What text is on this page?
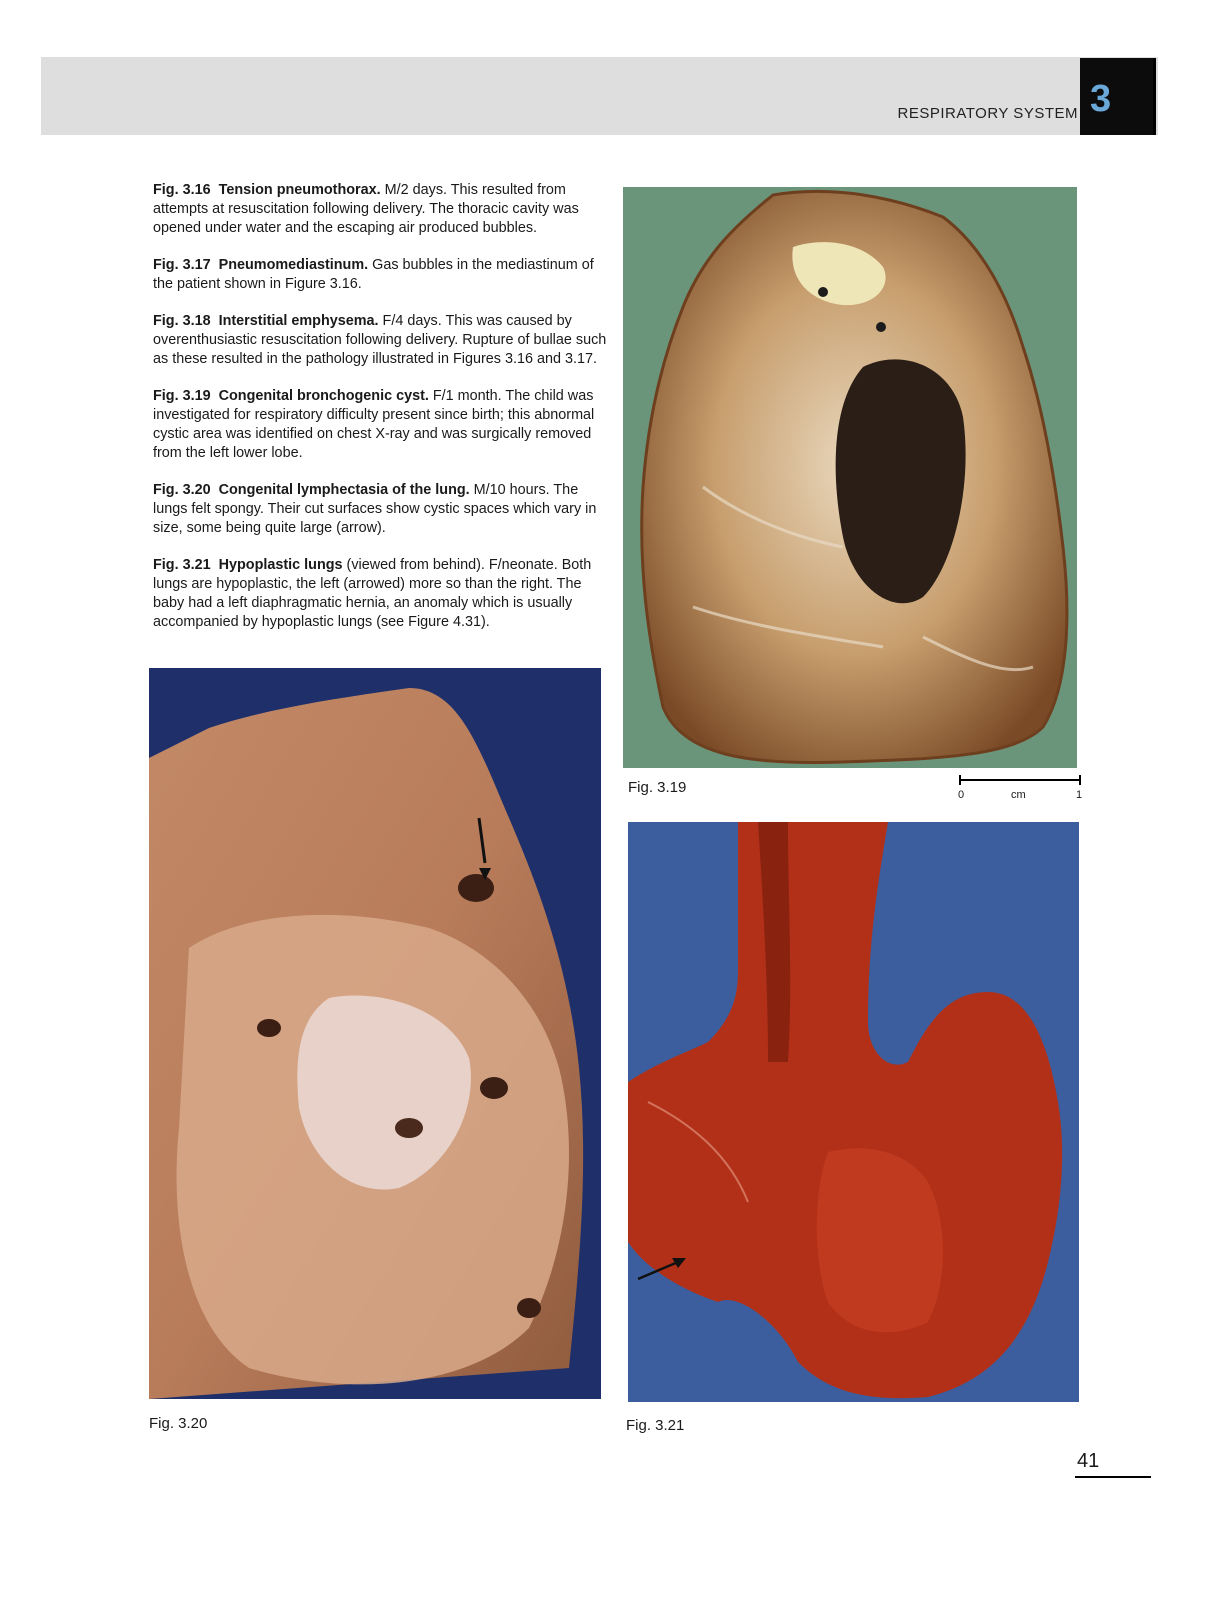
RESPIRATORY SYSTEM 3

Fig. 3.16 Tension pneumothorax. M/2 days. This resulted from attempts at resuscitation following delivery. The thoracic cavity was opened under water and the escaping air produced bubbles.

Fig. 3.17 Pneumomediastinum. Gas bubbles in the mediastinum of the patient shown in Figure 3.16.

Fig. 3.18 Interstitial emphysema. F/4 days. This was caused by overenthusiastic resuscitation following delivery. Rupture of bullae such as these resulted in the pathology illustrated in Figures 3.16 and 3.17.

Fig. 3.19 Congenital bronchogenic cyst. F/1 month. The child was investigated for respiratory difficulty present since birth; this abnormal cystic area was identified on chest X-ray and was surgically removed from the left lower lobe.

Fig. 3.20 Congenital lymphectasia of the lung. M/10 hours. The lungs felt spongy. Their cut surfaces show cystic spaces which vary in size, some being quite large (arrow).

Fig. 3.21 Hypoplastic lungs (viewed from behind). F/neonate. Both lungs are hypoplastic, the left (arrowed) more so than the right. The baby had a left diaphragmatic hernia, an anomaly which is usually accompanied by hypoplastic lungs (see Figure 4.31).

Fig. 3.19	0	cm	1
Fig. 3.20	Fig. 3.21
41
